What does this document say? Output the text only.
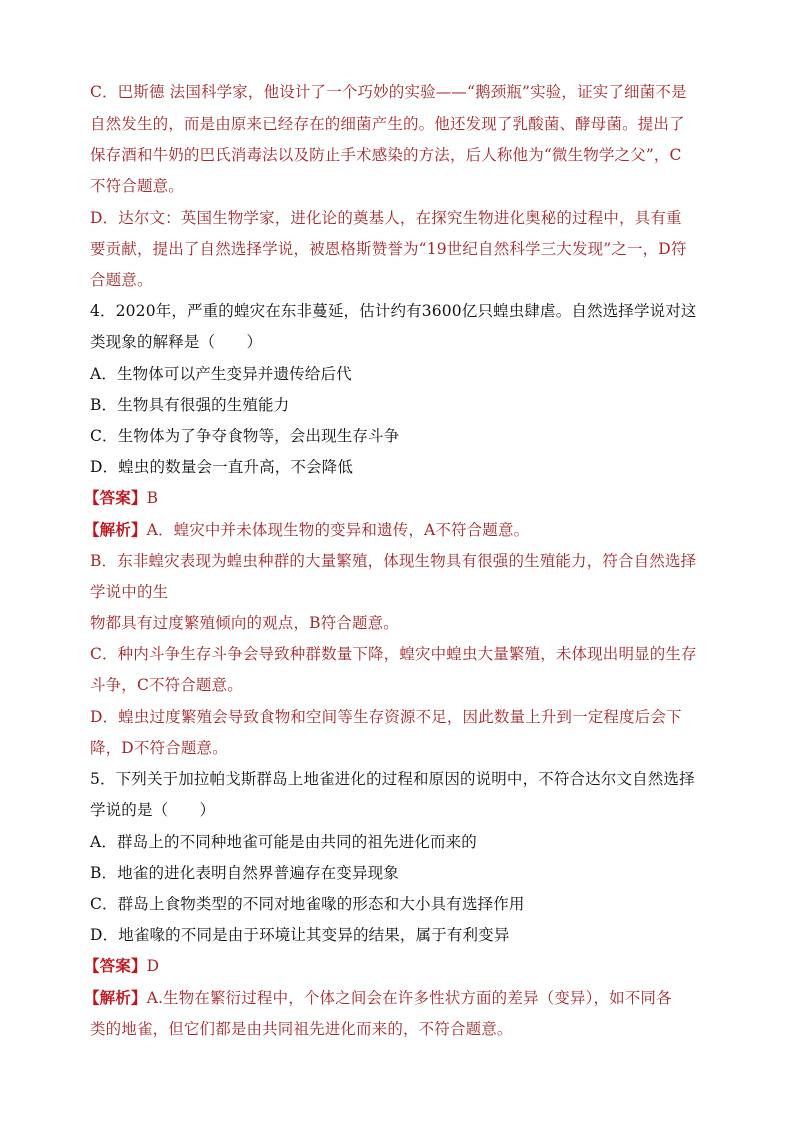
C．巴斯德 法国科学家，他设计了一个巧妙的实验——“鹅颈瓶”实验，证实了细菌不是
自然发生的，而是由原来已经存在的细菌产生的。他还发现了乳酸菌、酵母菌。提出了
保存酒和牛奶的巴氏消毒法以及防止手术感染的方法，后人称他为“微生物学之父”，C
不符合题意。
D．达尔文：英国生物学家，进化论的奠基人，在探究生物进化奥秘的过程中，具有重
要贡献，提出了自然选择学说，被恩格斯赞誉为“19世纪自然科学三大发现”之一，D符
合题意。
4．2020年，严重的蝗灾在东非蔓延，估计约有3600亿只蝗虫肆虐。自然选择学说对这
类现象的解释是（　　）
A．生物体可以产生变异并遗传给后代
B．生物具有很强的生殖能力
C．生物体为了争夺食物等，会出现生存斗争
D．蝗虫的数量会一直升高，不会降低
【答案】B
【解析】A．蝗灾中并未体现生物的变异和遗传，A不符合题意。
B．东非蝗灾表现为蝗虫种群的大量繁殖，体现生物具有很强的生殖能力，符合自然选择
学说中的生
物都具有过度繁殖倾向的观点，B符合题意。
C．种内斗争生存斗争会导致种群数量下降，蝗灾中蝗虫大量繁殖，未体现出明显的生存
斗争，C不符合题意。
D．蝗虫过度繁殖会导致食物和空间等生存资源不足，因此数量上升到一定程度后会下
降，D不符合题意。
5．下列关于加拉帕戈斯群岛上地雀进化的过程和原因的说明中，不符合达尔文自然选择
学说的是（　　）
A．群岛上的不同种地雀可能是由共同的祖先进化而来的
B．地雀的进化表明自然界普遍存在变异现象
C．群岛上食物类型的不同对地雀喙的形态和大小具有选择作用
D．地雀喙的不同是由于环境让其变异的结果，属于有利变异
【答案】D
【解析】A.生物在繁衍过程中，个体之间会在许多性状方面的差异（变异），如不同各
类的地雀，但它们都是由共同祖先进化而来的，不符合题意。
